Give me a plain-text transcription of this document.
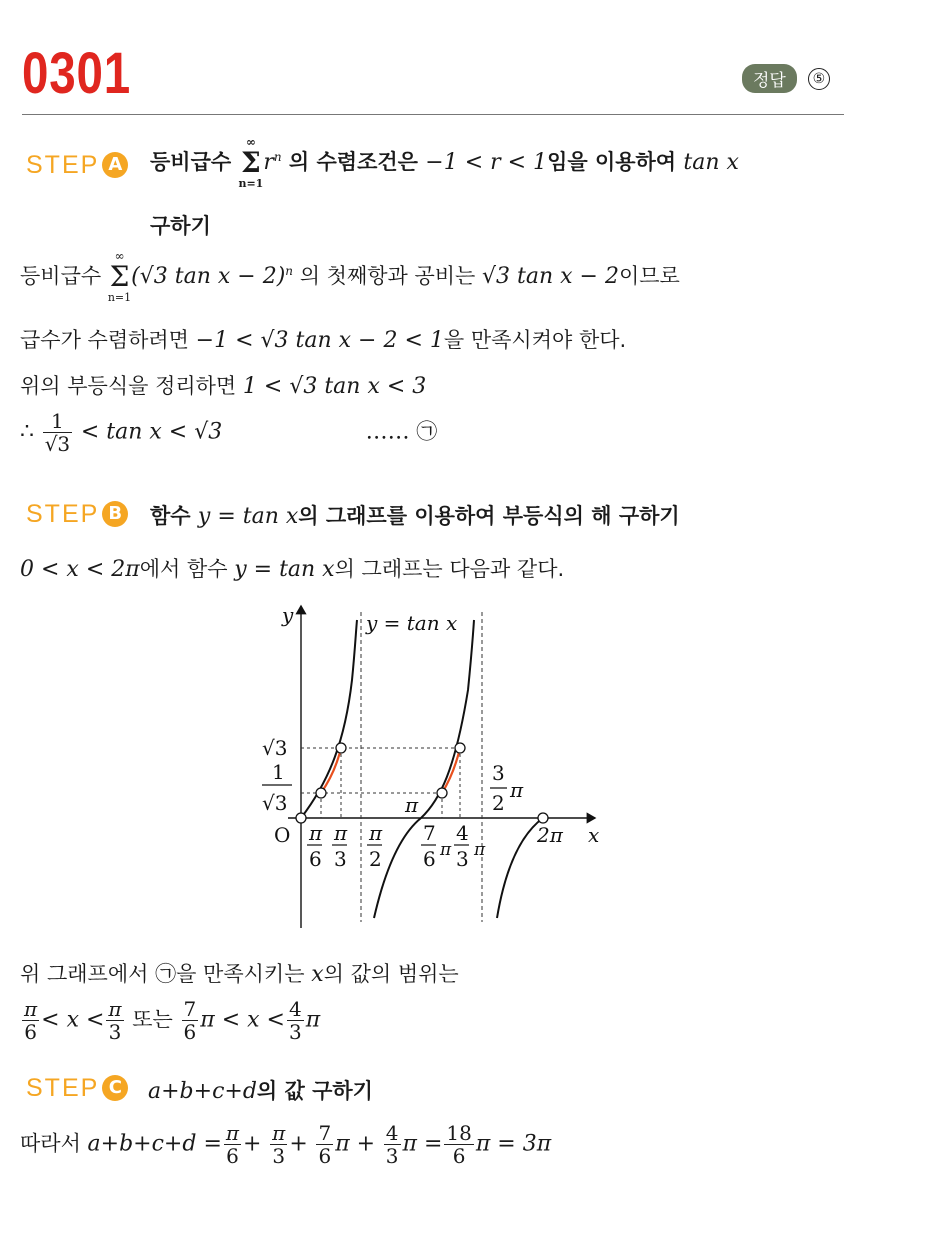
0301	정답 ⑤
STEP A 등비급수
∞
Σ
n=1
$r^n$ 의 수렴조건은 −1 < r < 1임을 이용하여 tan x
구하기
등비급수
∞
Σ
n=1
(√3 tan x − 2)$^n$ 의 첫째항과 공비는 √3 tan x − 2이므로
급수가 수렴하려면 −1 < √3 tan x − 2 < 1을 만족시켜야 한다.
위의 부등식을 정리하면 1 < √3 tan x < 3
∴ $\frac{1}{√3} < \tan x < √3$	…… ㉠
STEP B 함수 y = tan x의 그래프를 이용하여 부등식의 해 구하기
0 < x < 2π에서 함수 y = tan x의 그래프는 다음과 같다.
y
x
y = tan x
O
√3
1
√3	π
3
2
π
2π
π
6
π
3
π
2
7
6 π
4
3 π
위 그래프에서 ㉠을 만족시키는 x의 값의 범위는
$\frac{\pi}{6} < x < \frac{\pi}{3}$ 또는 $\frac{7}{6}$ $\pi < x < \frac{4}{3}$ π
STEP C a+b+c+d의 값 구하기
따라서 $a+b+c+d = \frac{\pi}{6} + \frac{\pi}{3} + \frac{7}{6}$ $\pi + \frac{4}{3}$ $\pi = \frac{18}{6}$ π = 3π
